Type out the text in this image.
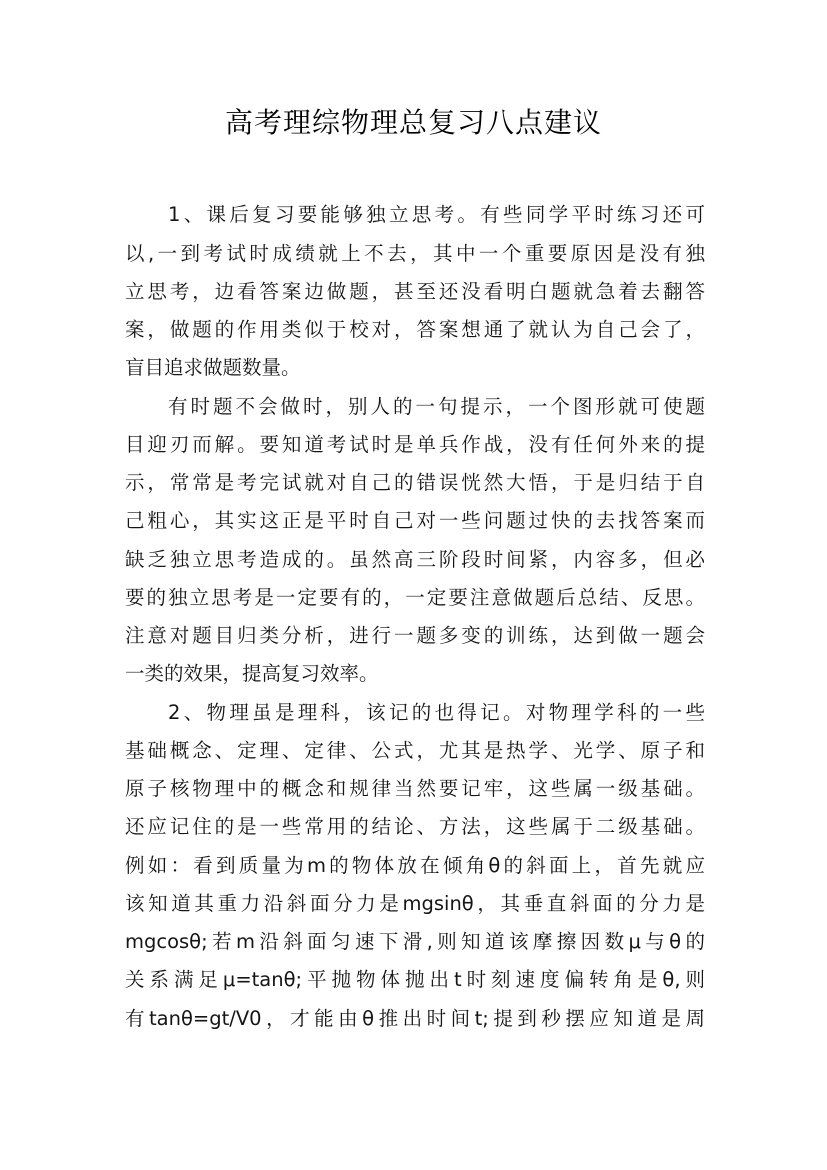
高考理综物理总复习八点建议
1、课后复习要能够独立思考。有些同学平时练习还可
以,一到考试时成绩就上不去，其中一个重要原因是没有独
立思考，边看答案边做题，甚至还没看明白题就急着去翻答
案，做题的作用类似于校对，答案想通了就认为自己会了，
盲目追求做题数量。
有时题不会做时，别人的一句提示，一个图形就可使题
目迎刃而解。要知道考试时是单兵作战，没有任何外来的提
示，常常是考完试就对自己的错误恍然大悟，于是归结于自
己粗心，其实这正是平时自己对一些问题过快的去找答案而
缺乏独立思考造成的。虽然高三阶段时间紧，内容多，但必
要的独立思考是一定要有的，一定要注意做题后总结、反思。
注意对题目归类分析，进行一题多变的训练，达到做一题会
一类的效果，提高复习效率。
2、物理虽是理科，该记的也得记。对物理学科的一些
基础概念、定理、定律、公式，尤其是热学、光学、原子和
原子核物理中的概念和规律当然要记牢，这些属一级基础。
还应记住的是一些常用的结论、方法，这些属于二级基础。
例如：看到质量为m的物体放在倾角θ的斜面上，首先就应
该知道其重力沿斜面分力是mgsinθ，其垂直斜面的分力是
mgcosθ;若m沿斜面匀速下滑,则知道该摩擦因数μ与θ的
关系满足μ=tanθ;平抛物体抛出t时刻速度偏转角是θ,则
有tanθ=gt/V0，才能由θ推出时间t;提到秒摆应知道是周
